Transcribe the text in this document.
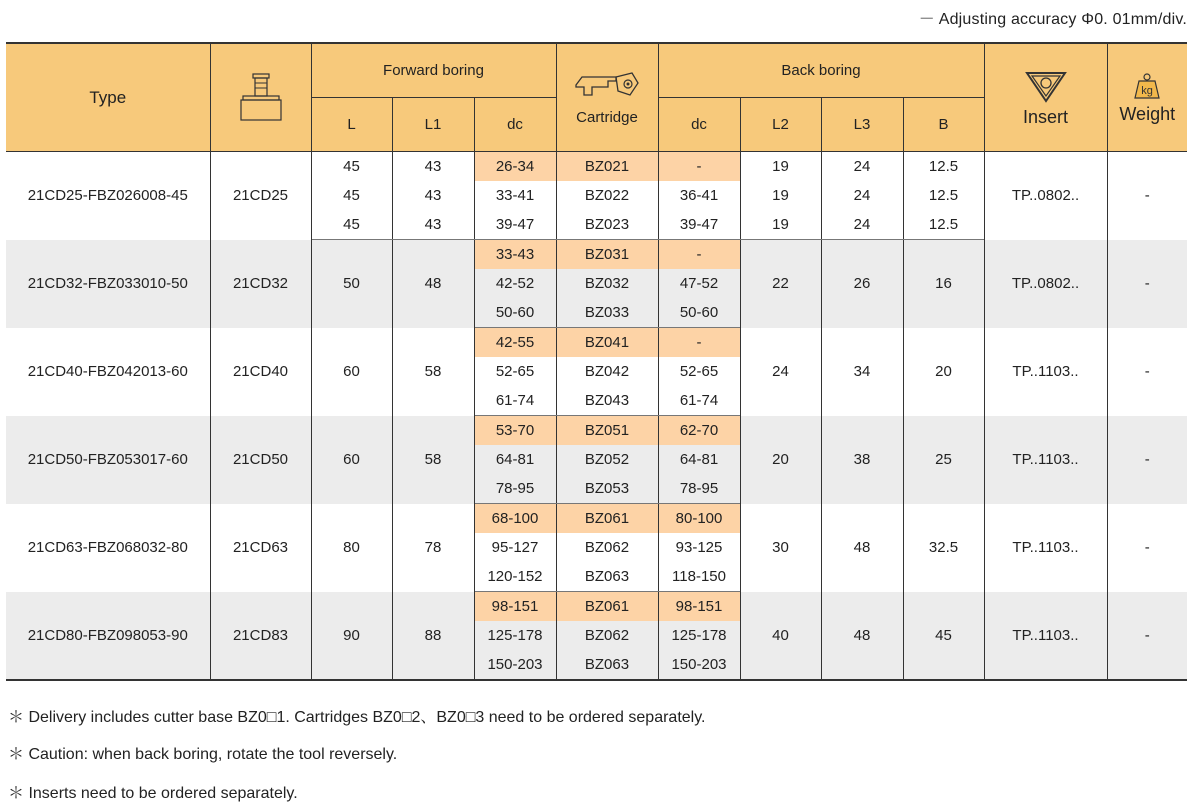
－ Adjusting accuracy Φ0. 01mm/div.
Type		Forward boring			Cartridge	Back boring				Insert	kg
Weight

		L	L1	dc		dc	L2	L3	B		
21CD25-FBZ026008-45	21CD25	45	43	26-34	BZ021	-	19	24	12.5	TP..0802..	-
		45	43	33-41	BZ022	36-41	19	24	12.5		
		45	43	39-47	BZ023	39-47	19	24	12.5		
21CD32-FBZ033010-50	21CD32	50	48	33-43	BZ031	-	22	26	16	TP..0802..	-
				42-52	BZ032	47-52					
				50-60	BZ033	50-60					
21CD40-FBZ042013-60	21CD40	60	58	42-55	BZ041	-	24	34	20	TP..1103..	-
				52-65	BZ042	52-65					
				61-74	BZ043	61-74					
21CD50-FBZ053017-60	21CD50	60	58	53-70	BZ051	62-70	20	38	25	TP..1103..	-
				64-81	BZ052	64-81					
				78-95	BZ053	78-95					
21CD63-FBZ068032-80	21CD63	80	78	68-100	BZ061	80-100	30	48	32.5	TP..1103..	-
				95-127	BZ062	93-125					
				120-152	BZ063	118-150					
21CD80-FBZ098053-90	21CD83	90	88	98-151	BZ061	98-151	40	48	45	TP..1103..	-
				125-178	BZ062	125-178					
				150-203	BZ063	150-203					
＊ Delivery includes cutter base BZ0□1. Cartridges BZ0□2、BZ0□3 need to be ordered separately.
＊ Caution: when back boring, rotate the tool reversely.
＊ Inserts need to be ordered separately.
